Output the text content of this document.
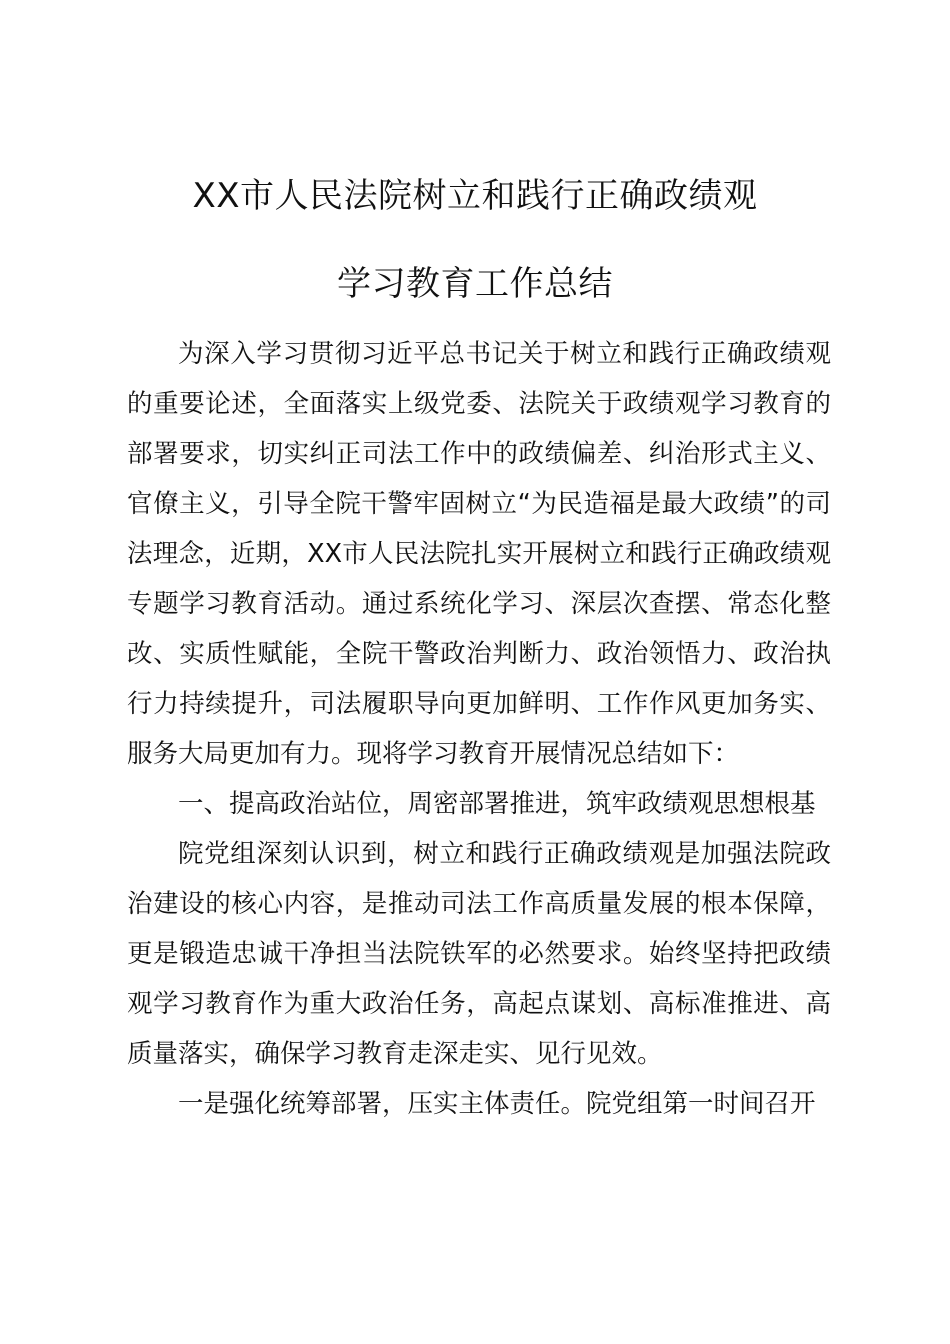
XX市人民法院树立和践行正确政绩观
学习教育工作总结

为深入学习贯彻习近平总书记关于树立和践行正确政绩观的重要论述，全面落实上级党委、法院关于政绩观学习教育的部署要求，切实纠正司法工作中的政绩偏差、纠治形式主义、官僚主义，引导全院干警牢固树立“为民造福是最大政绩”的司法理念，近期，XX市人民法院扎实开展树立和践行正确政绩观专题学习教育活动。通过系统化学习、深层次查摆、常态化整改、实质性赋能，全院干警政治判断力、政治领悟力、政治执行力持续提升，司法履职导向更加鲜明、工作作风更加务实、服务大局更加有力。现将学习教育开展情况总结如下：

一、提高政治站位，周密部署推进，筑牢政绩观思想根基

院党组深刻认识到，树立和践行正确政绩观是加强法院政治建设的核心内容，是推动司法工作高质量发展的根本保障，更是锻造忠诚干净担当法院铁军的必然要求。始终坚持把政绩观学习教育作为重大政治任务，高起点谋划、高标准推进、高质量落实，确保学习教育走深走实、见行见效。

一是强化统筹部署，压实主体责任。院党组第一时间召开
